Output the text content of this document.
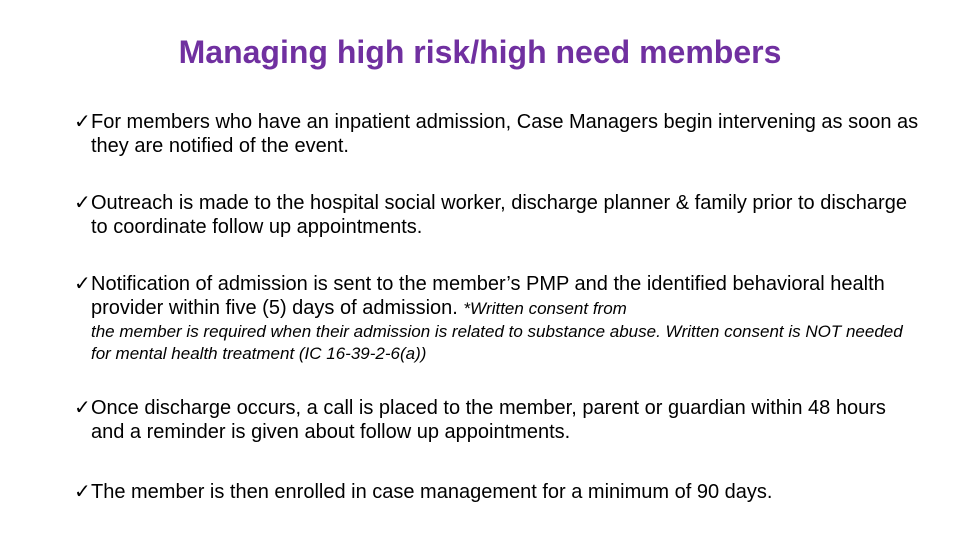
Managing high risk/high need members
✓ For members who have an inpatient admission, Case Managers begin intervening as soon as they are notified of the event.
✓ Outreach is made to the hospital social worker, discharge planner & family prior to discharge to coordinate follow up appointments.
✓ Notification of admission is sent to the member’s PMP and the identified behavioral health provider within five (5) days of admission. *Written consent from
the member is required when their admission is related to substance abuse. Written consent is NOT needed for mental health treatment (IC 16-39-2-6(a))
✓ Once discharge occurs, a call is placed to the member, parent or guardian within 48 hours and a reminder is given about follow up appointments.
✓ The member is then enrolled in case management for a minimum of 90 days.
